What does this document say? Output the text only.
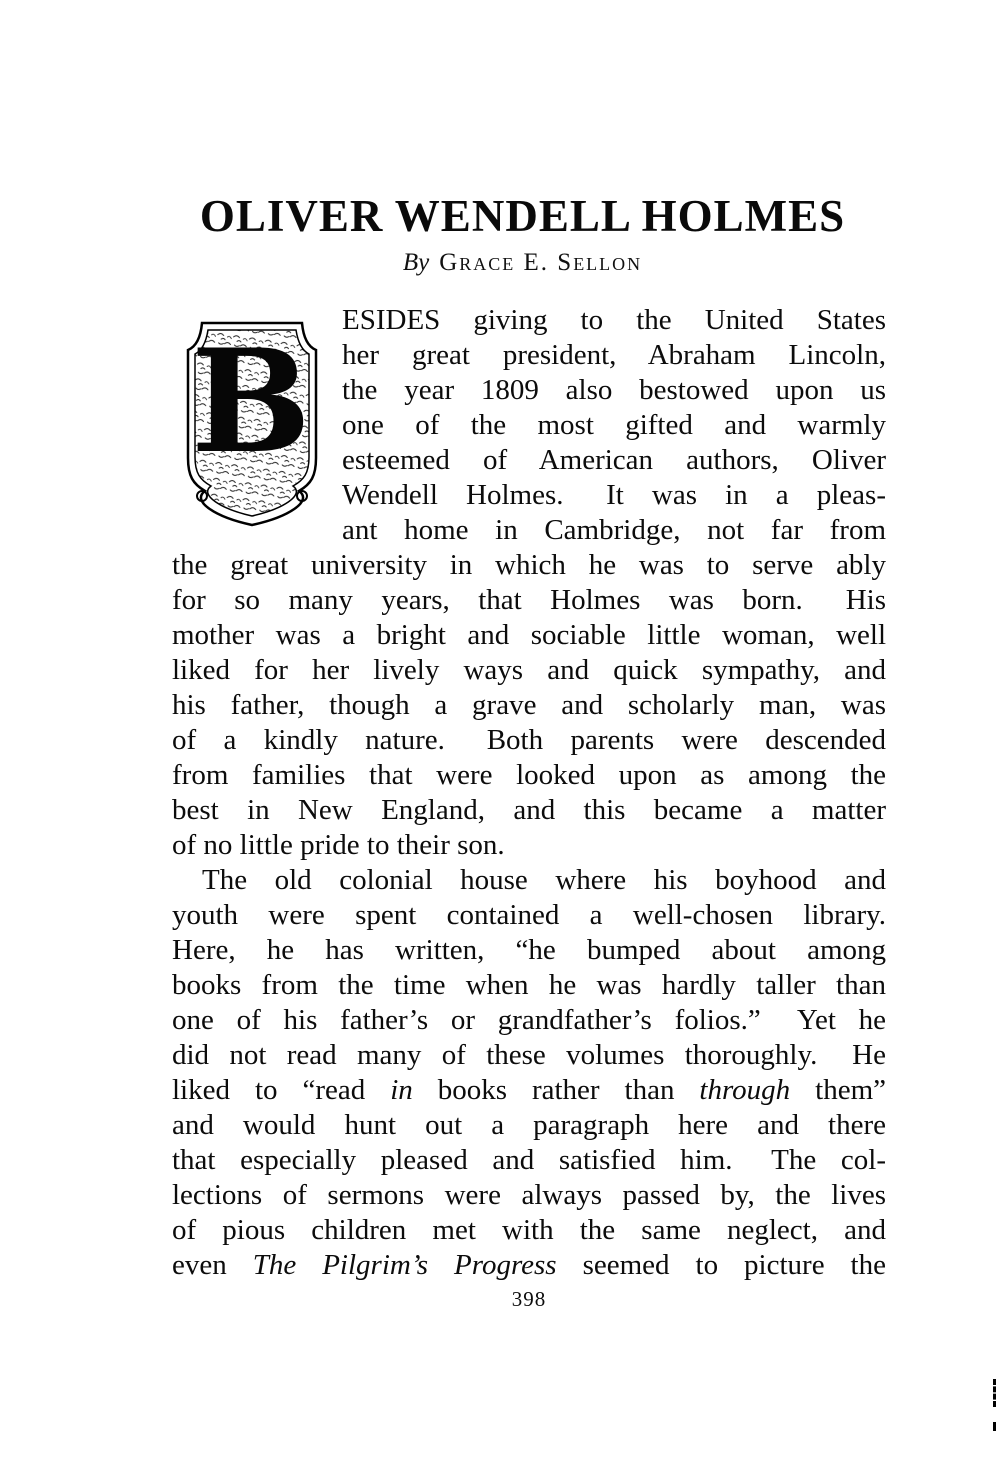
OLIVER WENDELL HOLMES
By Grace E. Sellon
B	ESIDES giving to the United States
her great president, Abraham Lincoln,
the year 1809 also bestowed upon us
one of the most gifted and warmly
esteemed of American authors, Oliver
Wendell Holmes.  It was in a pleas-
ant home in Cambridge, not far from
the great university in which he was to serve ably
for so many years, that Holmes was born.  His
mother was a bright and sociable little woman, well
liked for her lively ways and quick sympathy, and
his father, though a grave and scholarly man, was
of a kindly nature.  Both parents were descended
from families that were looked upon as among the
best in New England, and this became a matter
of no little pride to their son.
The old colonial house where his boyhood and
youth were spent contained a well-chosen library.
Here, he has written, “he bumped about among
books from the time when he was hardly taller than
one of his father’s or grandfather’s folios.”  Yet he
did not read many of these volumes thoroughly.  He
liked to “read in books rather than through them”
and would hunt out a paragraph here and there
that especially pleased and satisfied him.  The col-
lections of sermons were always passed by, the lives
of pious children met with the same neglect, and
even The Pilgrim’s Progress seemed to picture the
398
